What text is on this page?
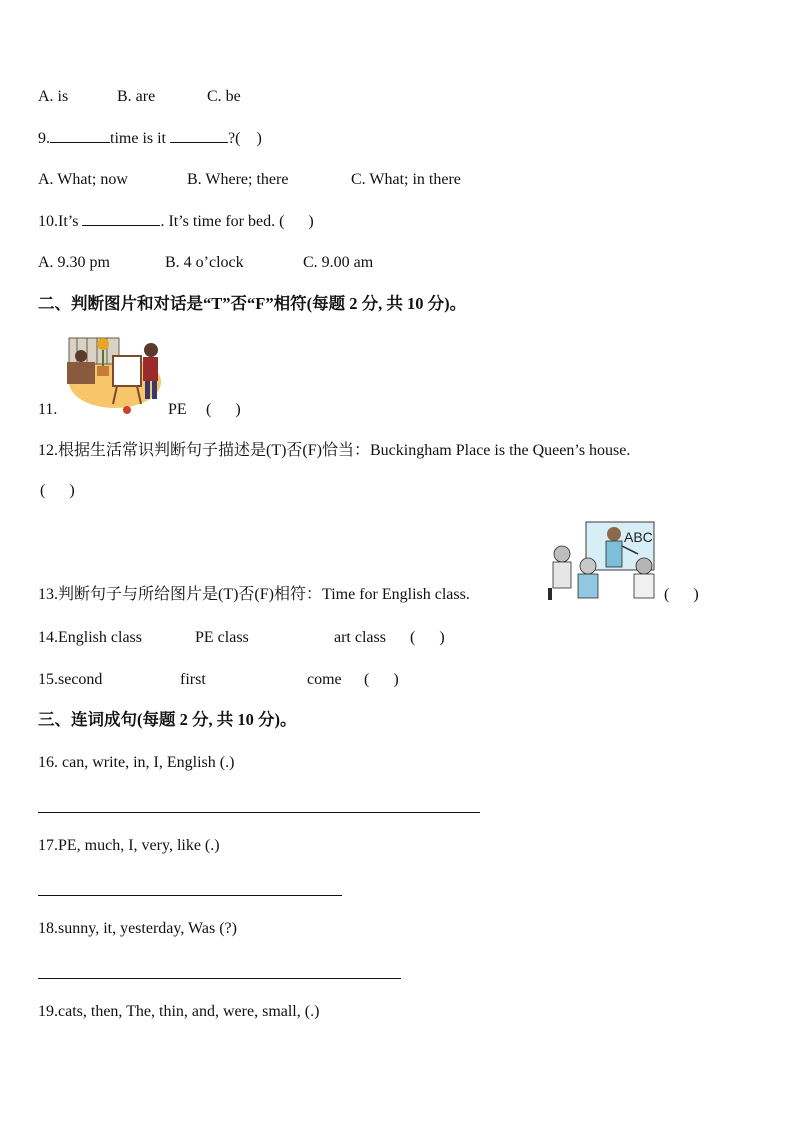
A. is	B. are	C. be
9.	time is it	?( )
A. What; now	B. Where; there	C. What; in there
10.It’s	. It’s time for bed. ( )
A. 9.30 pm	B. 4 o’clock	C. 9.00 am
二、判断图片和对话是“T”否“F”相符(每题 2 分, 共 10 分)。
11.	PE (      )
12.根据生活常识判断句子描述是(T)否(F)恰当：Buckingham Place is the Queen’s house.
(      )
ABC
13.判断句子与所给图片是(T)否(F)相符：Time for English class.	(      )
14.English class	PE class	art class (      )
15.second	first	come (      )
三、连词成句(每题 2 分, 共 10 分)。
16. can, write, in, I, English (.)
17.PE, much, I, very, like (.)
18.sunny, it, yesterday, Was (?)
19.cats, then, The, thin, and, were, small, (.)
